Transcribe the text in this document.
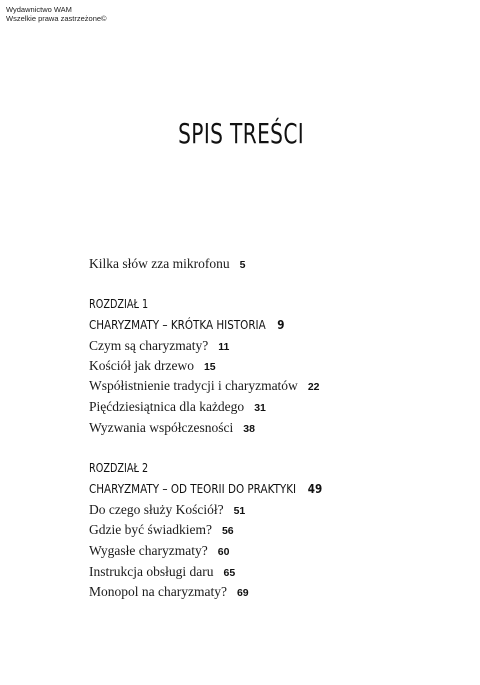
Wydawnictwo WAM
Wszelkie prawa zastrzeżone©
SPIS TREŚCI
Kilka słów zza mikrofonu 5
ROZDZIAŁ 1
CHARYZMATY – KRÓTKA HISTORIA 9
Czym są charyzmaty? 11
Kościół jak drzewo 15
Współistnienie tradycji i charyzmatów 22
Pięćdziesiątnica dla każdego 31
Wyzwania współczesności 38
ROZDZIAŁ 2
CHARYZMATY – OD TEORII DO PRAKTYKI 49
Do czego służy Kościół? 51
Gdzie być świadkiem? 56
Wygasłe charyzmaty? 60
Instrukcja obsługi daru 65
Monopol na charyzmaty? 69
